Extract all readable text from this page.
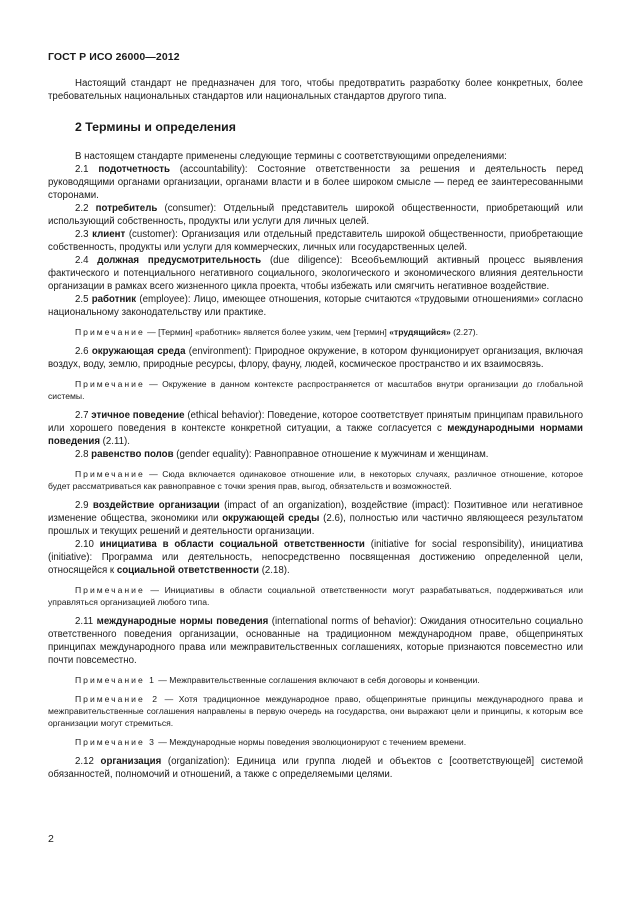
ГОСТ Р ИСО 26000—2012

Настоящий стандарт не предназначен для того, чтобы предотвратить разработку более конкретных, более требовательных национальных стандартов или национальных стандартов другого типа.

2 Термины и определения

В настоящем стандарте применены следующие термины с соответствующими определениями:

2.1 подотчетность (accountability): Состояние ответственности за решения и деятельность перед руководящими органами организации, органами власти и в более широком смысле — перед ее заинтересованными сторонами.

2.2 потребитель (consumer): Отдельный представитель широкой общественности, приобретающий или использующий собственность, продукты или услуги для личных целей.

2.3 клиент (customer): Организация или отдельный представитель широкой общественности, приобретающие собственность, продукты или услуги для коммерческих, личных или государственных целей.

2.4 должная предусмотрительность (due diligence): Всеобъемлющий активный процесс выявления фактического и потенциального негативного социального, экологического и экономического влияния деятельности организации в рамках всего жизненного цикла проекта, чтобы избежать или смягчить негативное воздействие.

2.5 работник (employee): Лицо, имеющее отношения, которые считаются «трудовыми отношениями» согласно национальному законодательству или практике.

Примечание — [Термин] «работник» является более узким, чем [термин] «трудящийся» (2.27).

2.6 окружающая среда (environment): Природное окружение, в котором функционирует организация, включая воздух, воду, землю, природные ресурсы, флору, фауну, людей, космическое пространство и их взаимосвязь.

Примечание — Окружение в данном контексте распространяется от масштабов внутри организации до глобальной системы.

2.7 этичное поведение (ethical behavior): Поведение, которое соответствует принятым принципам правильного или хорошего поведения в контексте конкретной ситуации, а также согласуется с международными нормами поведения (2.11).

2.8 равенство полов (gender equality): Равноправное отношение к мужчинам и женщинам.

Примечание — Сюда включается одинаковое отношение или, в некоторых случаях, различное отношение, которое будет рассматриваться как равноправное с точки зрения прав, выгод, обязательств и возможностей.

2.9 воздействие организации (impact of an organization), воздействие (impact): Позитивное или негативное изменение общества, экономики или окружающей среды (2.6), полностью или частично являющееся результатом прошлых и текущих решений и деятельности организации.

2.10 инициатива в области социальной ответственности (initiative for social responsibility), инициатива (initiative): Программа или деятельность, непосредственно посвященная достижению определенной цели, относящейся к социальной ответственности (2.18).

Примечание — Инициативы в области социальной ответственности могут разрабатываться, поддерживаться или управляться организацией любого типа.

2.11 международные нормы поведения (international norms of behavior): Ожидания относительно социально ответственного поведения организации, основанные на традиционном международном праве, общепринятых принципах международного права или межправительственных соглашениях, которые признаются повсеместно или почти повсеместно.

Примечание 1 — Межправительственные соглашения включают в себя договоры и конвенции.

Примечание 2 — Хотя традиционное международное право, общепринятые принципы международного права и межправительственные соглашения направлены в первую очередь на государства, они выражают цели и принципы, к которым все организации могут стремиться.

Примечание 3 — Международные нормы поведения эволюционируют с течением времени.

2.12 организация (organization): Единица или группа людей и объектов с [соответствующей] системой обязанностей, полномочий и отношений, а также с определяемыми целями.

2
